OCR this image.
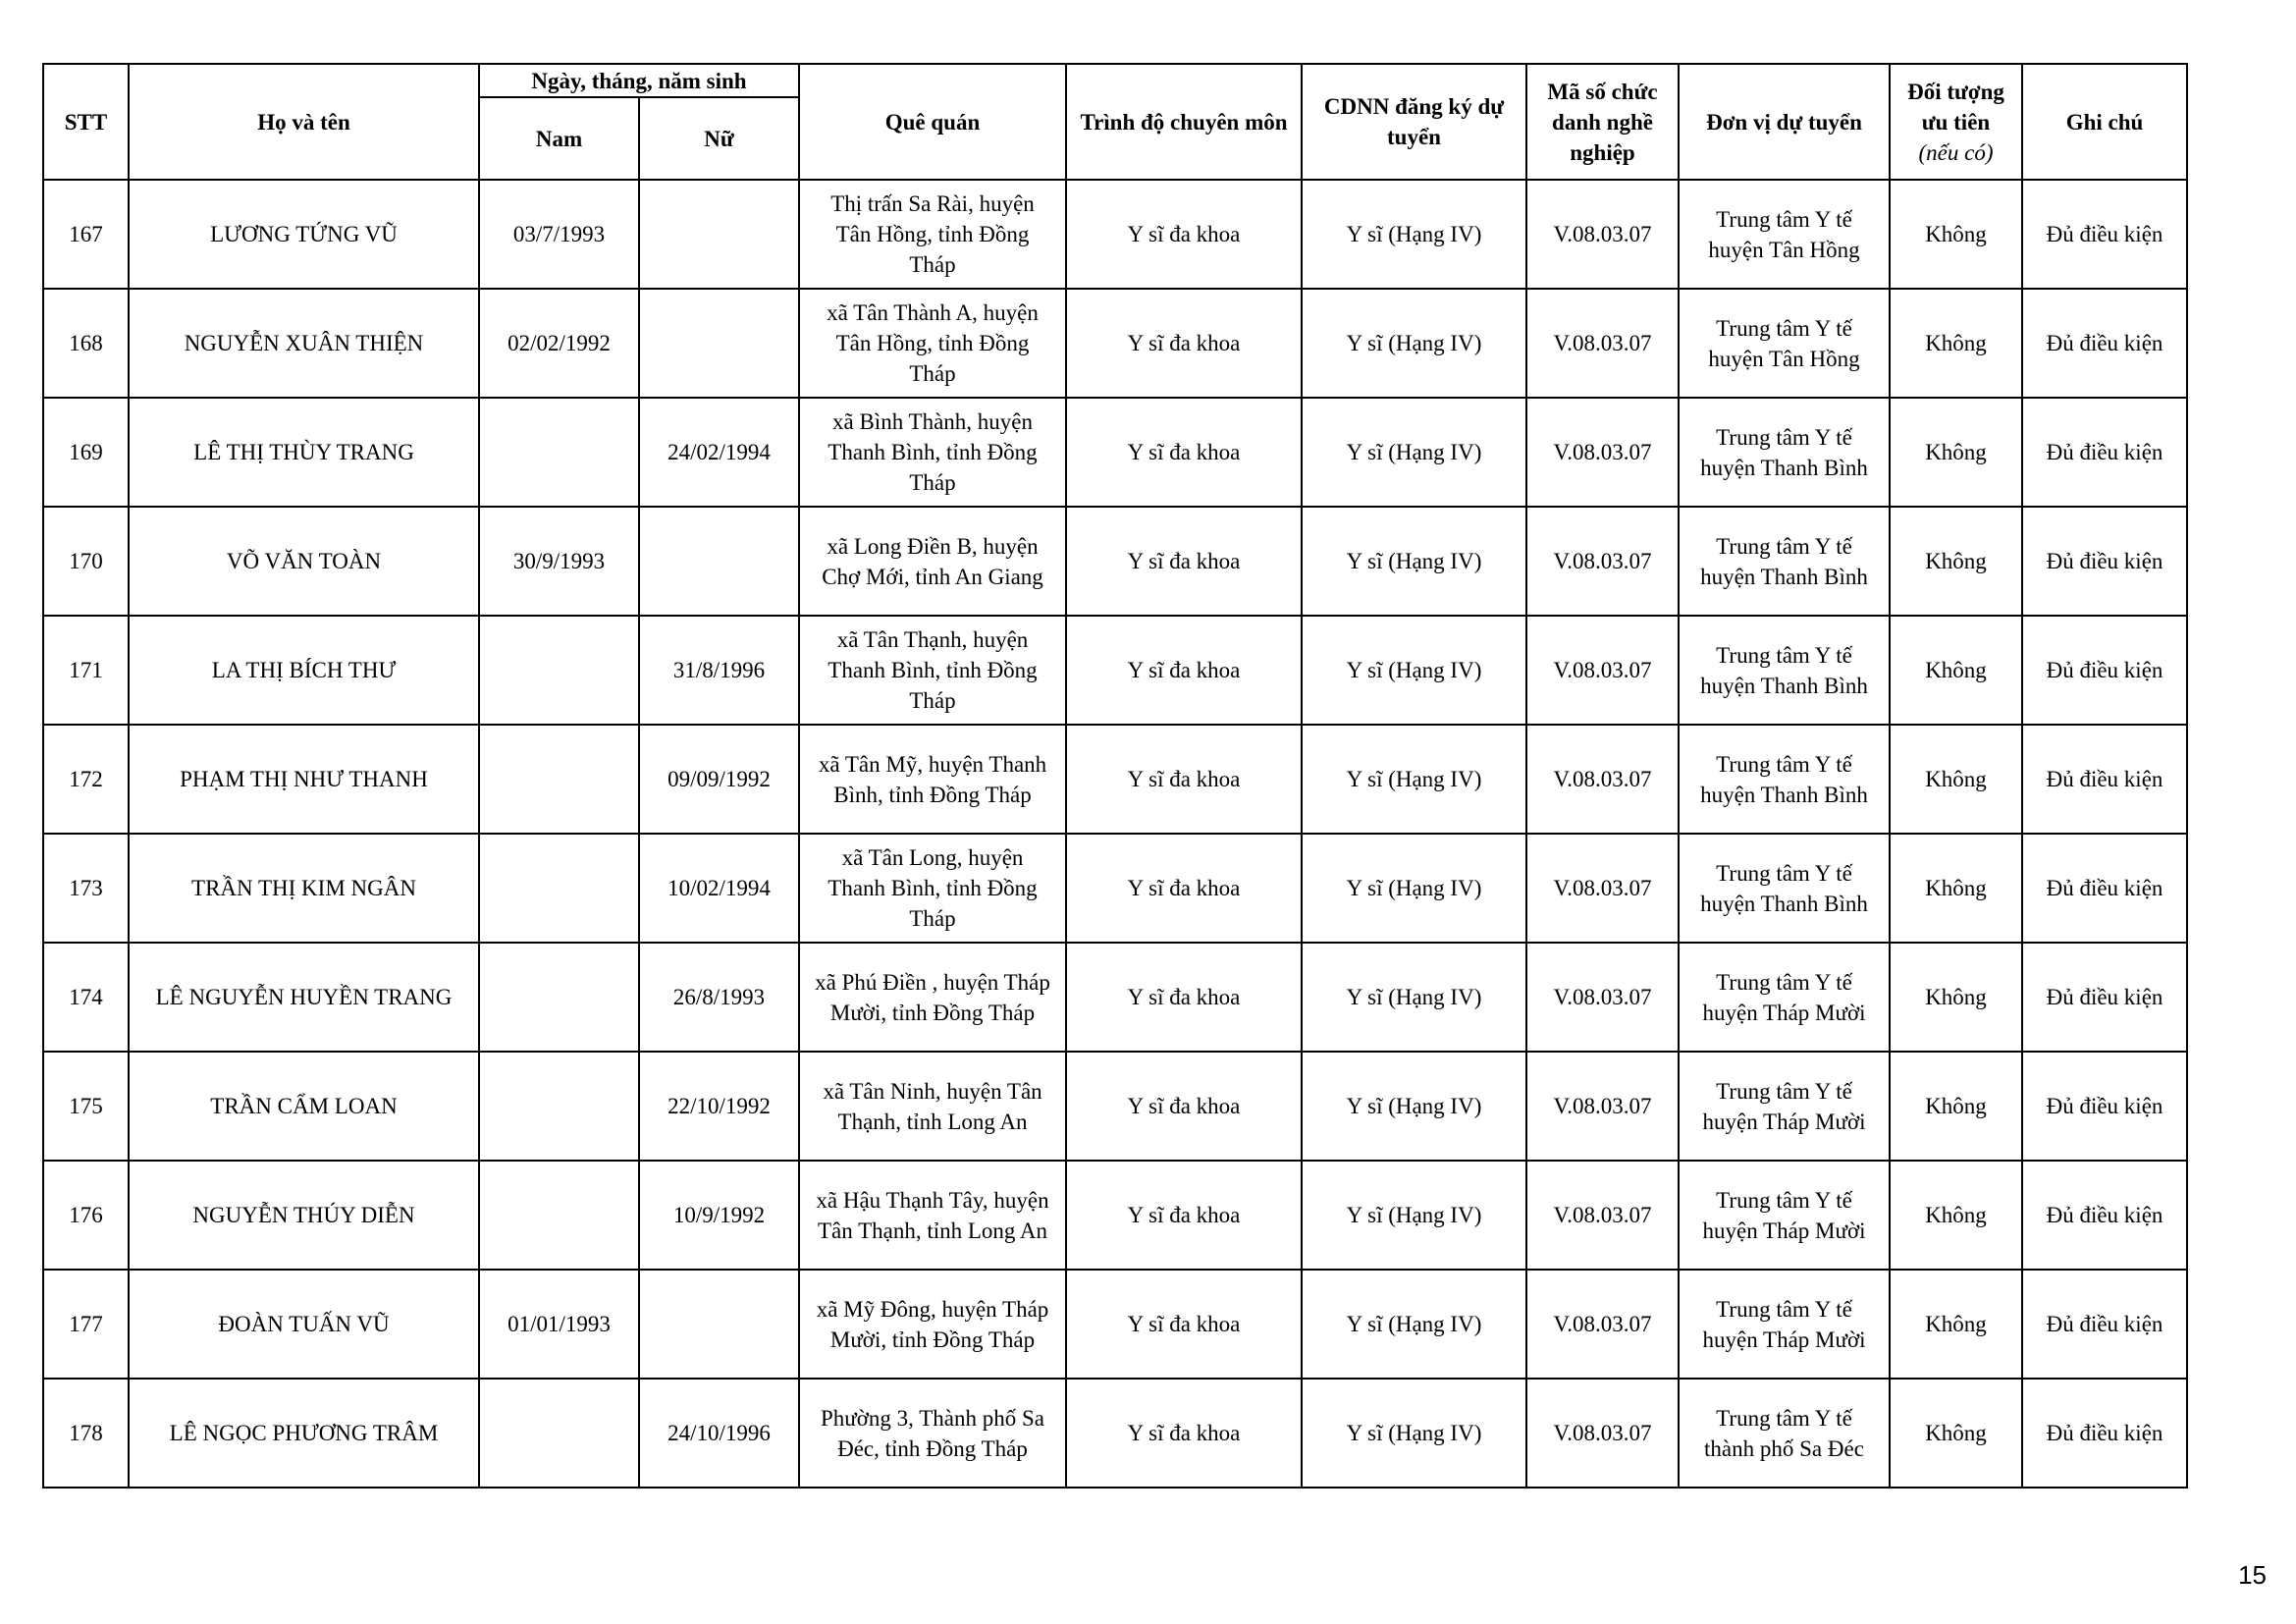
STT	Họ và tên	Ngày, tháng, năm sinh		Quê quán	Trình độ chuyên môn	CDNN đăng ký dự
tuyển	Mã số chức
danh nghề
nghiệp	Đơn vị dự tuyển	Đối tượng
ưu tiên
(nếu có)	Ghi chú
		Nam	Nữ							
167	LƯƠNG TỨNG VŨ	03/7/1993		Thị trấn Sa Rài, huyện
Tân Hồng, tỉnh Đồng
Tháp	Y sĩ đa khoa	Y sĩ (Hạng IV)	V.08.03.07	Trung tâm Y tế
huyện Tân Hồng	Không	Đủ điều kiện
168	NGUYỄN XUÂN THIỆN	02/02/1992		xã Tân Thành A, huyện
Tân Hồng, tỉnh Đồng
Tháp	Y sĩ đa khoa	Y sĩ (Hạng IV)	V.08.03.07	Trung tâm Y tế
huyện Tân Hồng	Không	Đủ điều kiện
169	LÊ THỊ THÙY TRANG		24/02/1994	xã Bình Thành, huyện
Thanh Bình, tỉnh Đồng
Tháp	Y sĩ đa khoa	Y sĩ (Hạng IV)	V.08.03.07	Trung tâm Y tế
huyện Thanh Bình	Không	Đủ điều kiện
170	VÕ VĂN TOÀN	30/9/1993		xã Long Điền B, huyện
Chợ Mới, tỉnh An Giang	Y sĩ đa khoa	Y sĩ (Hạng IV)	V.08.03.07	Trung tâm Y tế
huyện Thanh Bình	Không	Đủ điều kiện
171	LA THỊ BÍCH THƯ		31/8/1996	xã Tân Thạnh, huyện
Thanh Bình, tỉnh Đồng
Tháp	Y sĩ đa khoa	Y sĩ (Hạng IV)	V.08.03.07	Trung tâm Y tế
huyện Thanh Bình	Không	Đủ điều kiện
172	PHẠM THỊ NHƯ THANH		09/09/1992	xã Tân Mỹ, huyện Thanh
Bình, tỉnh Đồng Tháp	Y sĩ đa khoa	Y sĩ (Hạng IV)	V.08.03.07	Trung tâm Y tế
huyện Thanh Bình	Không	Đủ điều kiện
173	TRẦN THỊ KIM NGÂN		10/02/1994	xã Tân Long, huyện
Thanh Bình, tỉnh Đồng
Tháp	Y sĩ đa khoa	Y sĩ (Hạng IV)	V.08.03.07	Trung tâm Y tế
huyện Thanh Bình	Không	Đủ điều kiện
174	LÊ NGUYỄN HUYỀN TRANG		26/8/1993	xã Phú Điền , huyện Tháp
Mười, tỉnh Đồng Tháp	Y sĩ đa khoa	Y sĩ (Hạng IV)	V.08.03.07	Trung tâm Y tế
huyện Tháp Mười	Không	Đủ điều kiện
175	TRẦN CẨM LOAN		22/10/1992	xã Tân Ninh, huyện Tân
Thạnh, tỉnh Long An	Y sĩ đa khoa	Y sĩ (Hạng IV)	V.08.03.07	Trung tâm Y tế
huyện Tháp Mười	Không	Đủ điều kiện
176	NGUYỄN THÚY DIỄN		10/9/1992	xã Hậu Thạnh Tây, huyện
Tân Thạnh, tỉnh Long An	Y sĩ đa khoa	Y sĩ (Hạng IV)	V.08.03.07	Trung tâm Y tế
huyện Tháp Mười	Không	Đủ điều kiện
177	ĐOÀN TUẤN VŨ	01/01/1993		xã Mỹ Đông, huyện Tháp
Mười, tỉnh Đồng Tháp	Y sĩ đa khoa	Y sĩ (Hạng IV)	V.08.03.07	Trung tâm Y tế
huyện Tháp Mười	Không	Đủ điều kiện
178	LÊ NGỌC PHƯƠNG TRÂM		24/10/1996	Phường 3, Thành phố Sa
Đéc, tỉnh Đồng Tháp	Y sĩ đa khoa	Y sĩ (Hạng IV)	V.08.03.07	Trung tâm Y tế
thành phố Sa Đéc	Không	Đủ điều kiện
15
